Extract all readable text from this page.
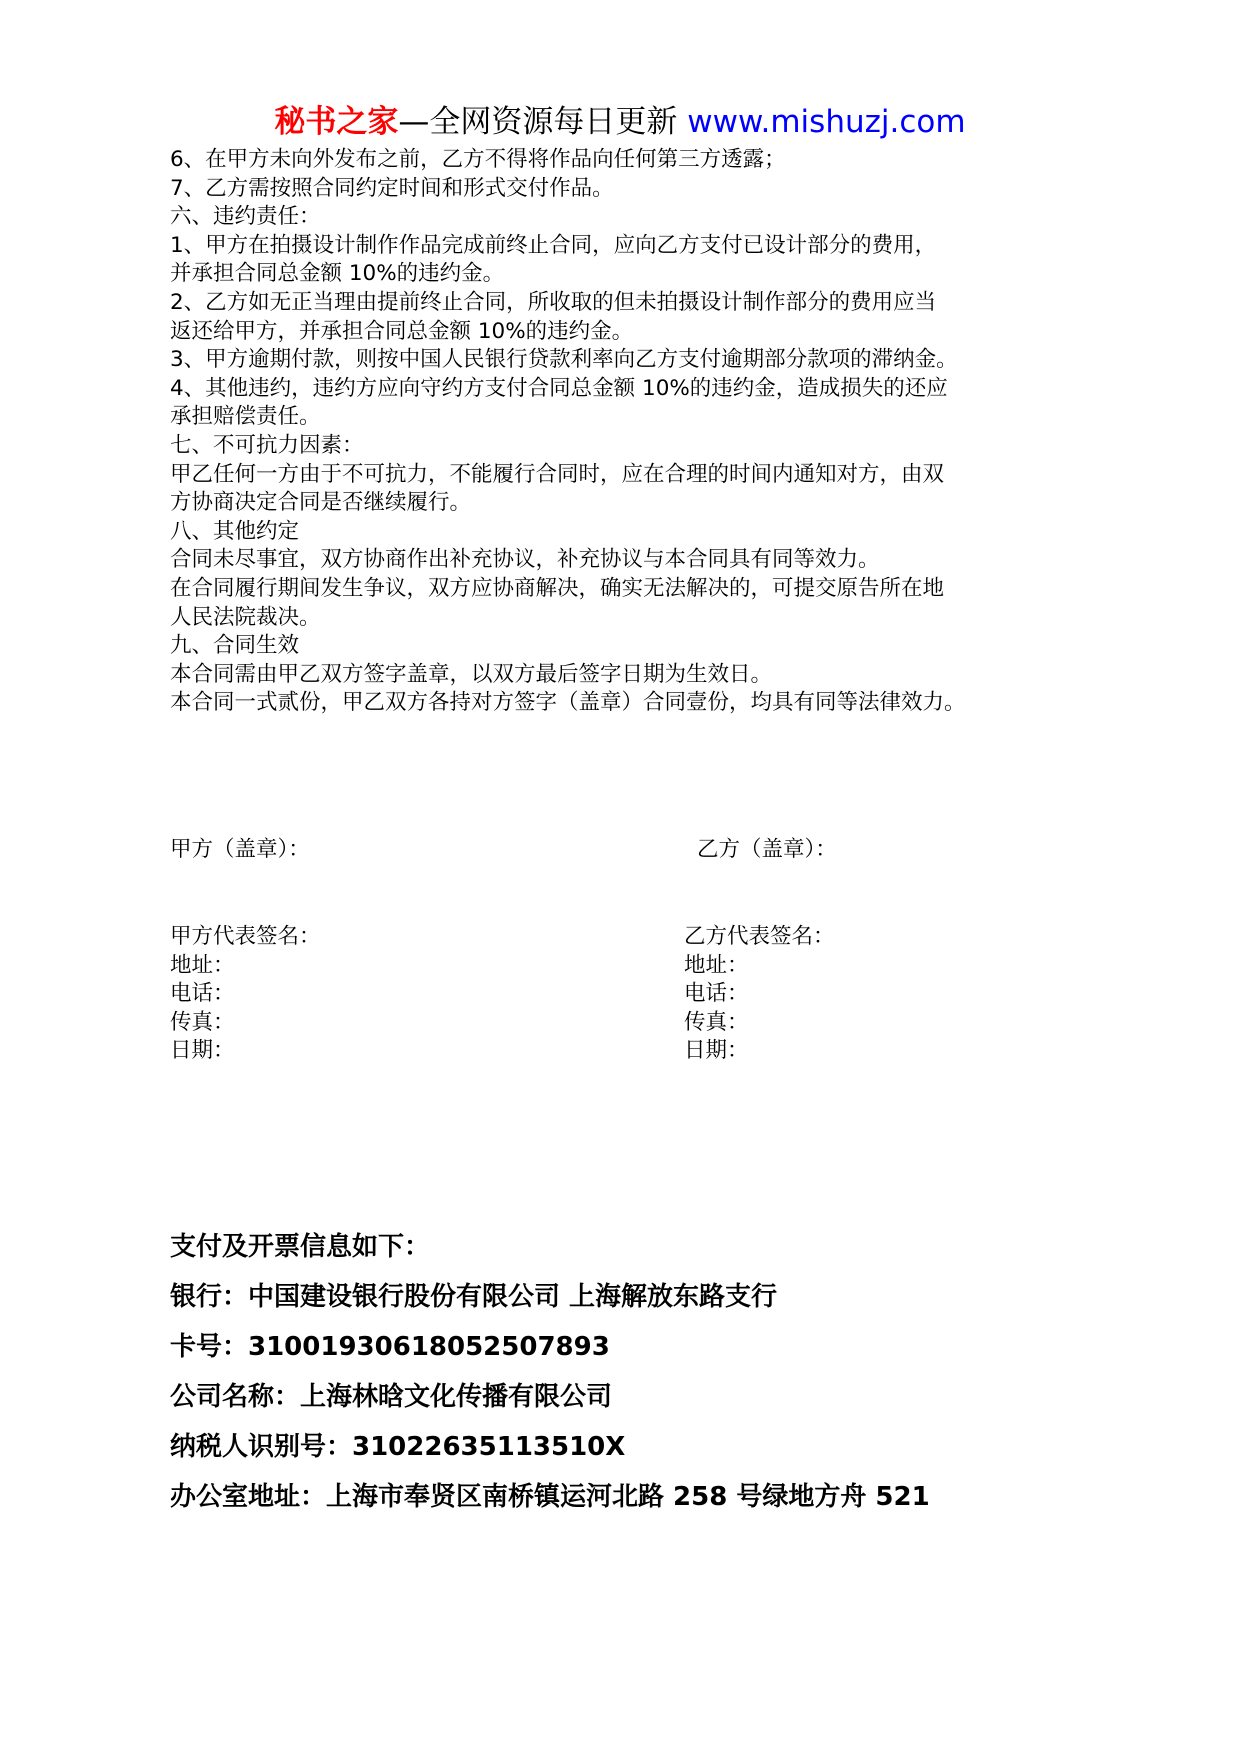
秘书之家—全网资源每日更新 www.mishuzj.com
6、在甲方未向外发布之前，乙方不得将作品向任何第三方透露；
7、乙方需按照合同约定时间和形式交付作品。
六、违约责任：
1、甲方在拍摄设计制作作品完成前终止合同，应向乙方支付已设计部分的费用，
并承担合同总金额 10%的违约金。
2、乙方如无正当理由提前终止合同，所收取的但未拍摄设计制作部分的费用应当
返还给甲方，并承担合同总金额 10%的违约金。
3、甲方逾期付款，则按中国人民银行贷款利率向乙方支付逾期部分款项的滞纳金。
4、其他违约，违约方应向守约方支付合同总金额 10%的违约金，造成损失的还应
承担赔偿责任。
七、不可抗力因素：
甲乙任何一方由于不可抗力，不能履行合同时，应在合理的时间内通知对方，由双
方协商决定合同是否继续履行。
八、其他约定
合同未尽事宜，双方协商作出补充协议，补充协议与本合同具有同等效力。
在合同履行期间发生争议，双方应协商解决，确实无法解决的，可提交原告所在地
人民法院裁决。
九、合同生效
本合同需由甲乙双方签字盖章，以双方最后签字日期为生效日。
本合同一式贰份，甲乙双方各持对方签字（盖章）合同壹份，均具有同等法律效力。
甲方（盖章）：	乙方（盖章）：
甲方代表签名：
地址：
电话：
传真：
日期：
乙方代表签名：
地址：
电话：
传真：
日期：
支付及开票信息如下：
银行：中国建设银行股份有限公司 上海解放东路支行
卡号：31001930618052507893
公司名称：上海林晗文化传播有限公司
纳税人识别号：31022635113510X
办公室地址：上海市奉贤区南桥镇运河北路 258 号绿地方舟 521
